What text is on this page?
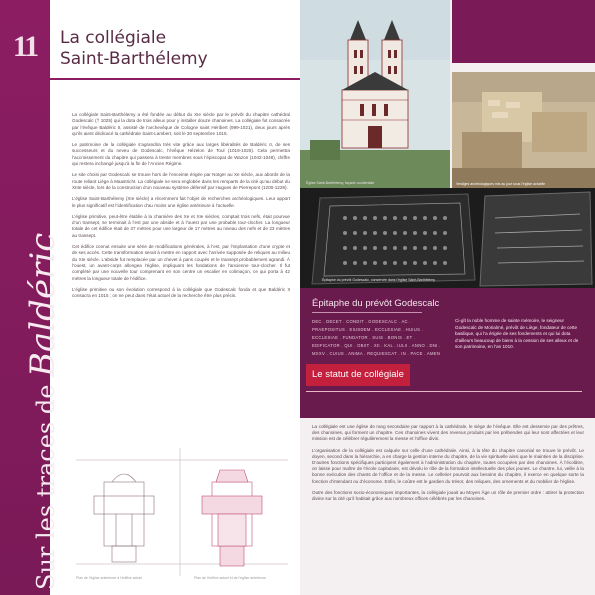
11
Sur les traces de Baldéric
La collégiale
Saint-Barthélemy

La collégiale Saint-Barthélemy a été fondée au début du XIe siècle par le prévôt du chapitre cathédral Godescalc († 1025) qui la dota de trois alleux pour y installer douze chanoines. La collégiale fut consacrée par l’évêque Baldéric II, assisté de l’archevêque de Cologne saint Héribert (999-1021), deux jours après qu’ils aient dédicacé la cathédrale Saint-Lambert, soit le 30 septembre 1015.

Le patrimoine de la collégiale s’agrandira très vite grâce aux larges libéralités de Baldéric II, de ses successeurs et du neveu de Godescalc, l’évêque Hézelon de Toul (1019-1026). Cela permettra l’accroissement du chapitre qui passera à trente membres sous l’épiscopat de Wazon (1042-1048), chiffre qui restera inchangé jusqu’à la fin de l’Ancien Régime.

Le site choisi par Godescalc se trouve hors de l’enceinte érigée par Notger au Xe siècle, aux abords de la route reliant Liège à Maastricht. La collégiale ne sera englobée dans les remparts de la cité qu’au début du XIIIe siècle, lors de la construction d’un nouveau système défensif par Hugues de Pierrepont (1200-1229).

L’église Saint-Barthélemy (XIe siècle) a récemment fait l’objet de recherches archéologiques. Leur apport le plus significatif est l’identification d’au moins une église antérieure à l’actuelle.

L’église primitive, peut-être établie à la charnière des Xe et XIe siècles, comptait trois nefs, était pourvue d’un transept, se terminait à l’est par une abside et à l’ouest par une probable tour-clocher. La longueur totale de cet édifice était de 37 mètres pour une largeur de 17 mètres au niveau des nefs et de 23 mètres au transept.

Cet édifice connut ensuite une série de modifications générales, à l’est, par l’implantation d’une crypte et de ses accès. Cette transformation serait à mettre en rapport avec l’arrivée supposée de reliques au milieu du XIe siècle. L’abside fut remplacée par un chevet à pans coupés et le transept probablement agrandi. À l’ouest, un avant-corps allongea l’église, impliquant les fondations de l’ancienne tour-clocher. Il fut complété par une nouvelle tour comprenant en son centre un escalier en colimaçon, ce qui porta à 42 mètres la longueur totale de l’édifice.

L’église primitive ou son évolution correspond à la collégiale que Godescalc fonda et que Baldéric II consacra en 1015 ; on ne peut dans l’état actuel de la recherche être plus précis.

Plan de l’église antérieure à l’édifice actuel	Plan de l’édifice actuel et de l’église antérieure
Église Saint-Barthélemy, façade occidentale	Vestiges archéologiques mis au jour sous l’église actuelle
Épitaphe du prévôt Godescalc, conservée dans l’église Saint-Barthélemy
Épitaphe du prévôt Godescalc
DEC . DECET . CONDIT . GODESCALC . AC . PRAEPOSITUS . EIUSDEM . ECCLESIAE . HUIUS . ECCLESIAE . FUNDATOR . SUIS . BONIS . ET . EDIFICATOR . QUI . OBIIT . XII . KAL . IULII . ANNO . DNI . MXXV . CUIUS . ANIMA . REQUIESCAT . IN . PACE . AMEN
Ci-gît la noble homme de sainte mémoire, le seigneur Godescalc de Morialmé, prévôt de Liège, fondateur de cette basilique, qui l’a érigée de ses fondements et qui lui dota d’ailleurs beaucoup de biens à la cession de ses alleux et de son patrimoine, en l’an 1010.
Le statut de collégiale

La collégiale est une église de rang secondaire par rapport à la cathédrale, le siège de l’évêque. Elle est desservie par des prêtres, des chanoines, qui forment un chapitre. Ces chanoines vivent des revenus produits par les prébendes qui leur sont affectées et leur mission est de célébrer régulièrement la messe et l’office divin.

L’organisation de la collégiale est calquée sur celle d’une cathédrale. Ainsi, à la tête du chapitre canonial se trouve le prévôt. Le doyen, second dans la hiérarchie, a en charge la gestion interne du chapitre, de la vie spirituelle ainsi que le maintien de la discipline. D’autres fonctions spécifiques participent également à l’administration du chapitre, toutes occupées par des chanoines. À l’écolâtre, on laisse pour maître de l’école capitulaire, est dévolu le rôle de la formation intellectuelle des plus jeunes. Le chantre, lui, veille à la bonne exécution des chants de l’office et de la messe. Le cellerier pourvoit aux besoins du chapitre, il exerce en quelque sorte la fonction d’intendant ou d’économe. Enfin, le coûtre est le gardien du trésor, des reliques, des ornements et du mobilier de l’église.

Outre des fonctions socio-économiques importantes, la collégiale jouait au Moyen Âge un rôle de premier ordre : attirer la protection divine sur la cité qu’il habitait grâce aux nombreux offices célébrés par les chanoines.
